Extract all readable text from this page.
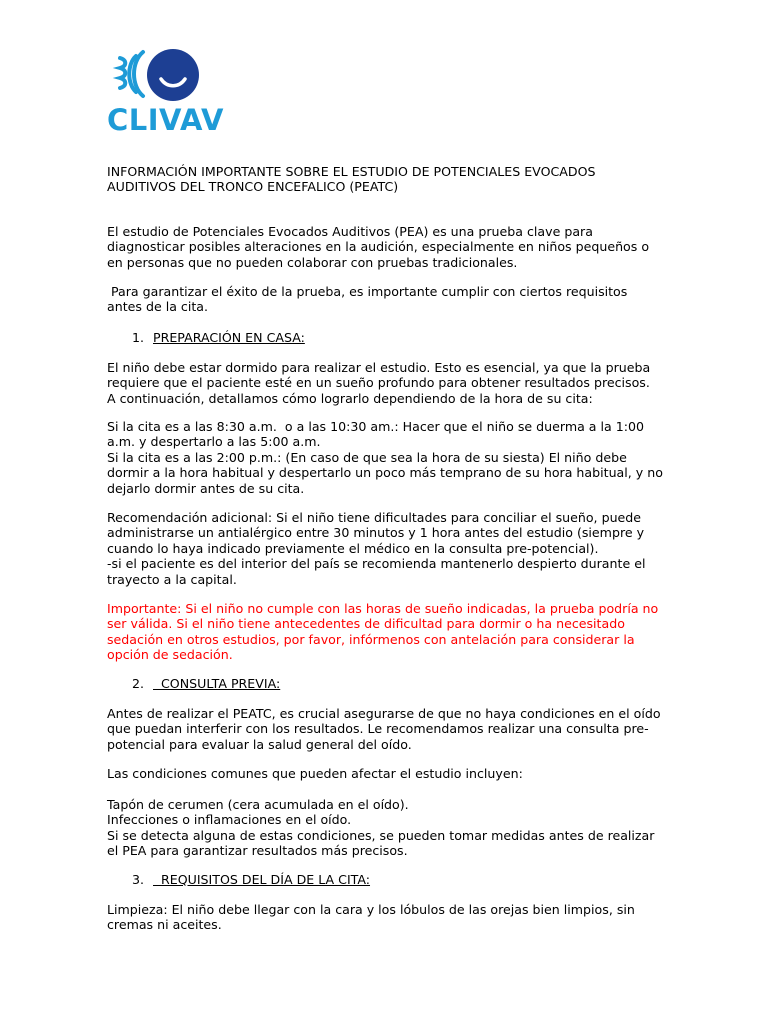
CLIVAV

INFORMACIÓN IMPORTANTE SOBRE EL ESTUDIO DE POTENCIALES EVOCADOS
AUDITIVOS DEL TRONCO ENCEFALICO (PEATC)

El estudio de Potenciales Evocados Auditivos (PEA) es una prueba clave para
diagnosticar posibles alteraciones en la audición, especialmente en niños pequeños o
en personas que no pueden colaborar con pruebas tradicionales.

Para garantizar el éxito de la prueba, es importante cumplir con ciertos requisitos
antes de la cita.

1. PREPARACIÓN EN CASA:

El niño debe estar dormido para realizar el estudio. Esto es esencial, ya que la prueba
requiere que el paciente esté en un sueño profundo para obtener resultados precisos.
A continuación, detallamos cómo lograrlo dependiendo de la hora de su cita:

Si la cita es a las 8:30 a.m.  o a las 10:30 am.: Hacer que el niño se duerma a la 1:00
a.m. y despertarlo a las 5:00 a.m.
Si la cita es a las 2:00 p.m.: (En caso de que sea la hora de su siesta) El niño debe
dormir a la hora habitual y despertarlo un poco más temprano de su hora habitual, y no
dejarlo dormir antes de su cita.

Recomendación adicional: Si el niño tiene dificultades para conciliar el sueño, puede
administrarse un antialérgico entre 30 minutos y 1 hora antes del estudio (siempre y
cuando lo haya indicado previamente el médico en la consulta pre-potencial).
-si el paciente es del interior del país se recomienda mantenerlo despierto durante el
trayecto a la capital.

Importante: Si el niño no cumple con las horas de sueño indicadas, la prueba podría no
ser válida. Si el niño tiene antecedentes de dificultad para dormir o ha necesitado
sedación en otros estudios, por favor, infórmenos con antelación para considerar la
opción de sedación.

2.  CONSULTA PREVIA:

Antes de realizar el PEATC, es crucial asegurarse de que no haya condiciones en el oído
que puedan interferir con los resultados. Le recomendamos realizar una consulta pre-
potencial para evaluar la salud general del oído.

Las condiciones comunes que pueden afectar el estudio incluyen:

Tapón de cerumen (cera acumulada en el oído).
Infecciones o inflamaciones en el oído.
Si se detecta alguna de estas condiciones, se pueden tomar medidas antes de realizar
el PEA para garantizar resultados más precisos.

3.  REQUISITOS DEL DÍA DE LA CITA:

Limpieza: El niño debe llegar con la cara y los lóbulos de las orejas bien limpios, sin
cremas ni aceites.
